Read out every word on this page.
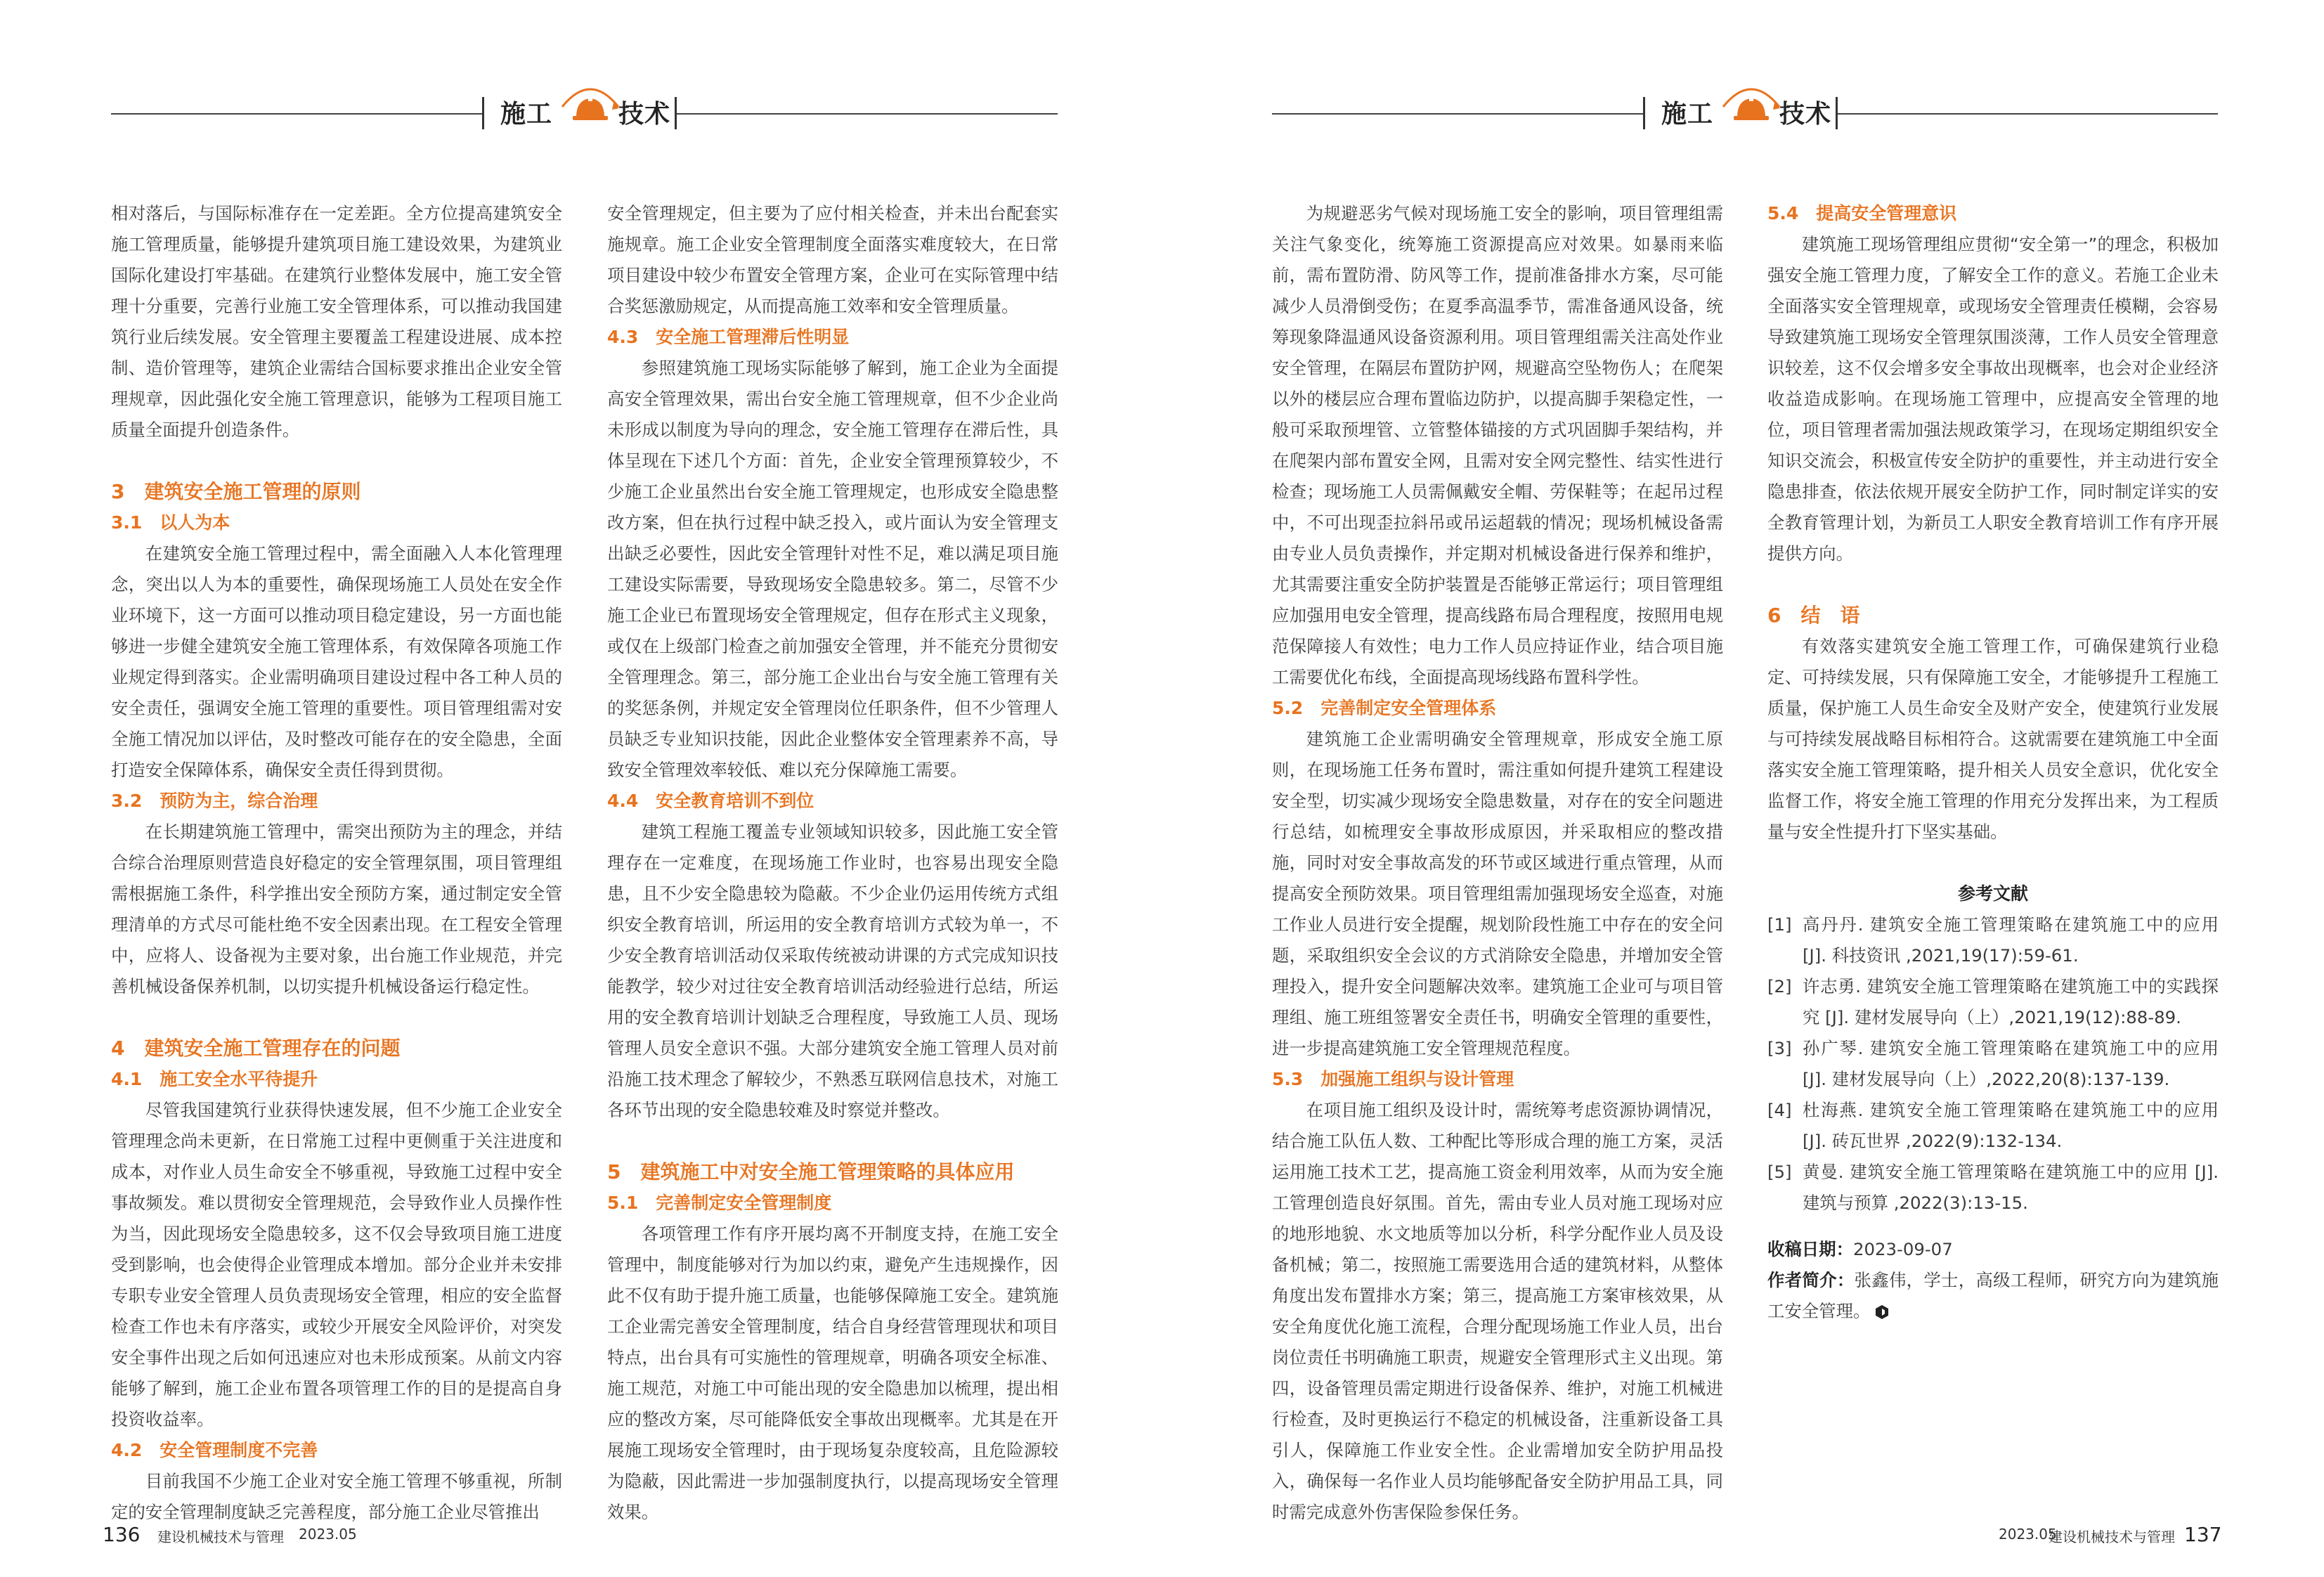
施工	技术

相对落后，与国际标准存在一定差距。全方位提高建筑安全施工管理质量，能够提升建筑项目施工建设效果，为建筑业国际化建设打牢基础。在建筑行业整体发展中，施工安全管理十分重要，完善行业施工安全管理体系，可以推动我国建筑行业后续发展。安全管理主要覆盖工程建设进展、成本控制、造价管理等，建筑企业需结合国标要求推出企业安全管理规章，因此强化安全施工管理意识，能够为工程项目施工质量全面提升创造条件。

3　建筑安全施工管理的原则
3.1　以人为本

在建筑安全施工管理过程中，需全面融入人本化管理理念，突出以人为本的重要性，确保现场施工人员处在安全作业环境下，这一方面可以推动项目稳定建设，另一方面也能够进一步健全建筑安全施工管理体系，有效保障各项施工作业规定得到落实。企业需明确项目建设过程中各工种人员的安全责任，强调安全施工管理的重要性。项目管理组需对安全施工情况加以评估，及时整改可能存在的安全隐患，全面打造安全保障体系，确保安全责任得到贯彻。

3.2　预防为主，综合治理

在长期建筑施工管理中，需突出预防为主的理念，并结合综合治理原则营造良好稳定的安全管理氛围，项目管理组需根据施工条件，科学推出安全预防方案，通过制定安全管理清单的方式尽可能杜绝不安全因素出现。在工程安全管理中，应将人、设备视为主要对象，出台施工作业规范，并完善机械设备保养机制，以切实提升机械设备运行稳定性。

4　建筑安全施工管理存在的问题
4.1　施工安全水平待提升

尽管我国建筑行业获得快速发展，但不少施工企业安全管理理念尚未更新，在日常施工过程中更侧重于关注进度和成本，对作业人员生命安全不够重视，导致施工过程中安全事故频发。难以贯彻安全管理规范，会导致作业人员操作性为当，因此现场安全隐患较多，这不仅会导致项目施工进度受到影响，也会使得企业管理成本增加。部分企业并未安排专职专业安全管理人员负责现场安全管理，相应的安全监督检查工作也未有序落实，或较少开展安全风险评价，对突发安全事件出现之后如何迅速应对也未形成预案。从前文内容能够了解到，施工企业布置各项管理工作的目的是提高自身投资收益率。

4.2　安全管理制度不完善

目前我国不少施工企业对安全施工管理不够重视，所制定的安全管理制度缺乏完善程度，部分施工企业尽管推出

安全管理规定，但主要为了应付相关检查，并未出台配套实施规章。施工企业安全管理制度全面落实难度较大，在日常项目建设中较少布置安全管理方案，企业可在实际管理中结合奖惩激励规定，从而提高施工效率和安全管理质量。

4.3　安全施工管理滞后性明显

参照建筑施工现场实际能够了解到，施工企业为全面提高安全管理效果，需出台安全施工管理规章，但不少企业尚未形成以制度为导向的理念，安全施工管理存在滞后性，具体呈现在下述几个方面：首先，企业安全管理预算较少，不少施工企业虽然出台安全施工管理规定，也形成安全隐患整改方案，但在执行过程中缺乏投入，或片面认为安全管理支出缺乏必要性，因此安全管理针对性不足，难以满足项目施工建设实际需要，导致现场安全隐患较多。第二，尽管不少施工企业已布置现场安全管理规定，但存在形式主义现象，或仅在上级部门检查之前加强安全管理，并不能充分贯彻安全管理理念。第三，部分施工企业出台与安全施工管理有关的奖惩条例，并规定安全管理岗位任职条件，但不少管理人员缺乏专业知识技能，因此企业整体安全管理素养不高，导致安全管理效率较低、难以充分保障施工需要。

4.4　安全教育培训不到位

建筑工程施工覆盖专业领域知识较多，因此施工安全管理存在一定难度，在现场施工作业时，也容易出现安全隐患，且不少安全隐患较为隐蔽。不少企业仍运用传统方式组织安全教育培训，所运用的安全教育培训方式较为单一，不少安全教育培训活动仅采取传统被动讲课的方式完成知识技能教学，较少对过往安全教育培训活动经验进行总结，所运用的安全教育培训计划缺乏合理程度，导致施工人员、现场管理人员安全意识不强。大部分建筑安全施工管理人员对前沿施工技术理念了解较少，不熟悉互联网信息技术，对施工各环节出现的安全隐患较难及时察觉并整改。

5　建筑施工中对安全施工管理策略的具体应用
5.1　完善制定安全管理制度

各项管理工作有序开展均离不开制度支持，在施工安全管理中，制度能够对行为加以约束，避免产生违规操作，因此不仅有助于提升施工质量，也能够保障施工安全。建筑施工企业需完善安全管理制度，结合自身经营管理现状和项目特点，出台具有可实施性的管理规章，明确各项安全标准、施工规范，对施工中可能出现的安全隐患加以梳理，提出相应的整改方案，尽可能降低安全事故出现概率。尤其是在开展施工现场安全管理时，由于现场复杂度较高，且危险源较为隐蔽，因此需进一步加强制度执行，以提高现场安全管理效果。

136 建设机械技术与管理 2023.05
施工	技术

为规避恶劣气候对现场施工安全的影响，项目管理组需关注气象变化，统筹施工资源提高应对效果。如暴雨来临前，需布置防滑、防风等工作，提前准备排水方案，尽可能减少人员滑倒受伤；在夏季高温季节，需准备通风设备，统筹现象降温通风设备资源利用。项目管理组需关注高处作业安全管理，在隔层布置防护网，规避高空坠物伤人；在爬架以外的楼层应合理布置临边防护，以提高脚手架稳定性，一般可采取预埋管、立管整体锚接的方式巩固脚手架结构，并在爬架内部布置安全网，且需对安全网完整性、结实性进行检查；现场施工人员需佩戴安全帽、劳保鞋等；在起吊过程中，不可出现歪拉斜吊或吊运超载的情况；现场机械设备需由专业人员负责操作，并定期对机械设备进行保养和维护，尤其需要注重安全防护装置是否能够正常运行；项目管理组应加强用电安全管理，提高线路布局合理程度，按照用电规范保障接人有效性；电力工作人员应持证作业，结合项目施工需要优化布线，全面提高现场线路布置科学性。

5.2　完善制定安全管理体系

建筑施工企业需明确安全管理规章，形成安全施工原则，在现场施工任务布置时，需注重如何提升建筑工程建设安全型，切实减少现场安全隐患数量，对存在的安全问题进行总结，如梳理安全事故形成原因，并采取相应的整改措施，同时对安全事故高发的环节或区域进行重点管理，从而提高安全预防效果。项目管理组需加强现场安全巡查，对施工作业人员进行安全提醒，规划阶段性施工中存在的安全问题，采取组织安全会议的方式消除安全隐患，并增加安全管理投入，提升安全问题解决效率。建筑施工企业可与项目管理组、施工班组签署安全责任书，明确安全管理的重要性，进一步提高建筑施工安全管理规范程度。

5.3　加强施工组织与设计管理

在项目施工组织及设计时，需统筹考虑资源协调情况，结合施工队伍人数、工种配比等形成合理的施工方案，灵活运用施工技术工艺，提高施工资金利用效率，从而为安全施工管理创造良好氛围。首先，需由专业人员对施工现场对应的地形地貌、水文地质等加以分析，科学分配作业人员及设备机械；第二，按照施工需要选用合适的建筑材料，从整体角度出发布置排水方案；第三，提高施工方案审核效果，从安全角度优化施工流程，合理分配现场施工作业人员，出台岗位责任书明确施工职责，规避安全管理形式主义出现。第四，设备管理员需定期进行设备保养、维护，对施工机械进行检查，及时更换运行不稳定的机械设备，注重新设备工具引人，保障施工作业安全性。企业需增加安全防护用品投入，确保每一名作业人员均能够配备安全防护用品工具，同时需完成意外伤害保险参保任务。

5.4　提高安全管理意识

建筑施工现场管理组应贯彻“安全第一”的理念，积极加强安全施工管理力度，了解安全工作的意义。若施工企业未全面落实安全管理规章，或现场安全管理责任模糊，会容易导致建筑施工现场安全管理氛围淡薄，工作人员安全管理意识较差，这不仅会增多安全事故出现概率，也会对企业经济收益造成影响。在现场施工管理中，应提高安全管理的地位，项目管理者需加强法规政策学习，在现场定期组织安全知识交流会，积极宣传安全防护的重要性，并主动进行安全隐患排查，依法依规开展安全防护工作，同时制定详实的安全教育管理计划，为新员工人职安全教育培训工作有序开展提供方向。

6　结　语

有效落实建筑安全施工管理工作，可确保建筑行业稳定、可持续发展，只有保障施工安全，才能够提升工程施工质量，保护施工人员生命安全及财产安全，使建筑行业发展与可持续发展战略目标相符合。这就需要在建筑施工中全面落实安全施工管理策略，提升相关人员安全意识，优化安全监督工作，将安全施工管理的作用充分发挥出来，为工程质量与安全性提升打下坚实基础。

参考文献
[1] 高丹丹. 建筑安全施工管理策略在建筑施工中的应用 [J]. 科技资讯 ,2021,19(17):59-61.
[2] 许志勇. 建筑安全施工管理策略在建筑施工中的实践探究 [J]. 建材发展导向（上）,2021,19(12):88-89.
[3] 孙广琴. 建筑安全施工管理策略在建筑施工中的应用 [J]. 建材发展导向（上）,2022,20(8):137-139.
[4] 杜海燕. 建筑安全施工管理策略在建筑施工中的应用 [J]. 砖瓦世界 ,2022(9):132-134.
[5] 黄曼. 建筑安全施工管理策略在建筑施工中的应用 [J]. 建筑与预算 ,2022(3):13-15.

收稿日期：2023-09-07

作者简介：张鑫伟，学士，高级工程师，研究方向为建筑施工安全管理。

2023.05
建设机械技术与管理 137
